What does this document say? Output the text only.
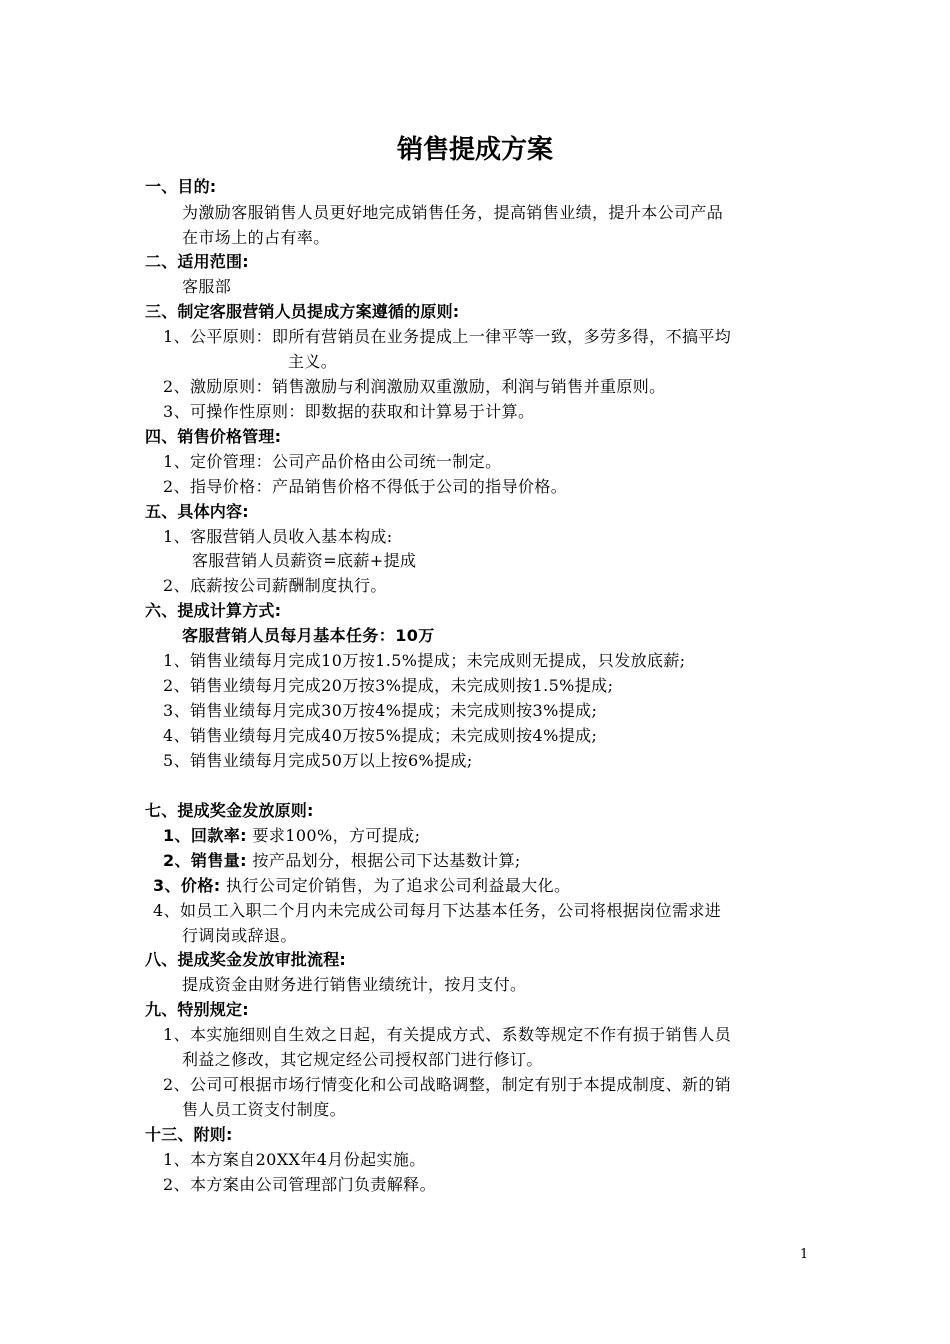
销售提成方案
一、目的:
为激励客服销售人员更好地完成销售任务，提高销售业绩，提升本公司产品
在市场上的占有率。
二、适用范围:
客服部
三、制定客服营销人员提成方案遵循的原则:
1、公平原则：即所有营销员在业务提成上一律平等一致，多劳多得，不搞平均
主义。
2、激励原则：销售激励与利润激励双重激励，利润与销售并重原则。
3、可操作性原则：即数据的获取和计算易于计算。
四、销售价格管理:
1、定价管理：公司产品价格由公司统一制定。
2、指导价格：产品销售价格不得低于公司的指导价格。
五、具体内容:
1、客服营销人员收入基本构成:
客服营销人员薪资=底薪+提成
2、底薪按公司薪酬制度执行。
六、提成计算方式:
客服营销人员每月基本任务：10万
1、销售业绩每月完成10万按1.5%提成；未完成则无提成，只发放底薪;
2、销售业绩每月完成20万按3%提成，未完成则按1.5%提成;
3、销售业绩每月完成30万按4%提成；未完成则按3%提成;
4、销售业绩每月完成40万按5%提成；未完成则按4%提成;
5、销售业绩每月完成50万以上按6%提成;
七、提成奖金发放原则:
1、回款率: 要求100%，方可提成;
2、销售量: 按产品划分，根据公司下达基数计算;
3、价格: 执行公司定价销售，为了追求公司利益最大化。
4、如员工入职二个月内未完成公司每月下达基本任务，公司将根据岗位需求进
行调岗或辞退。
八、提成奖金发放审批流程:
提成资金由财务进行销售业绩统计，按月支付。
九、特别规定:
1、本实施细则自生效之日起，有关提成方式、系数等规定不作有损于销售人员
利益之修改，其它规定经公司授权部门进行修订。
2、公司可根据市场行情变化和公司战略调整，制定有别于本提成制度、新的销
售人员工资支付制度。
十三、附则:
1、本方案自20XX年4月份起实施。
2、本方案由公司管理部门负责解释。
1
